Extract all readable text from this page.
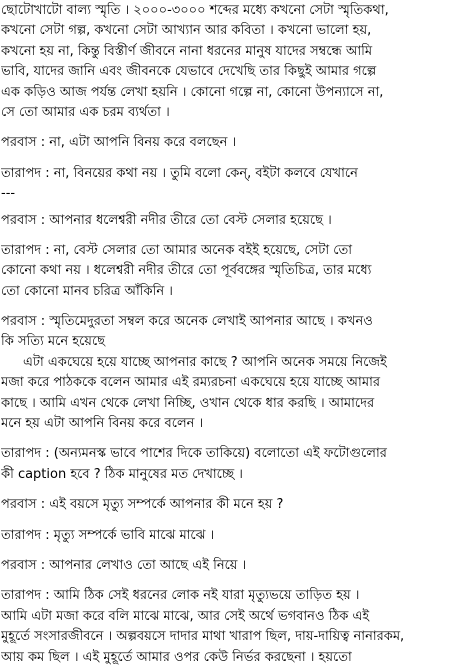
ছোটোখাটো বাল্য স্মৃতি । ২০০০-৩০০০ শব্দের মধ্যে কখনো সেটা স্মৃতিকথা,
কখনো সেটা গল্প, কখনো সেটা আখ্যান আর কবিতা । কখনো ভালো হয়,
কখনো হয় না, কিন্তু বিস্তীর্ণ জীবনে নানা ধরনের মানুষ যাদের সম্বন্ধে আমি
ভাবি, যাদের জানি এবং জীবনকে যেভাবে দেখেছি তার কিছুই আমার গল্পে
এক কড়িও আজ পর্যন্ত লেখা হয়নি । কোনো গল্পে না, কোনো উপন্যাসে না,
সে তো আমার এক চরম ব্যর্থতা ।
পরবাস : না, এটা আপনি বিনয় করে বলছেন ।
তারাপদ : না, বিনয়ের কথা নয় । তুমি বলো কেন্, বইটা কলবে যেখানে
---
পরবাস : আপনার ধলেশ্বরী নদীর তীরে তো বেস্ট সেলার হয়েছে ।
তারাপদ : না, বেস্ট সেলার তো আমার অনেক বইই হয়েছে, সেটা তো
কোনো কথা নয় । ধলেশ্বরী নদীর তীরে তো পূর্ববঙ্গের স্মৃতিচিত্র, তার মধ্যে
তো কোনো মানব চরিত্র আঁকিনি ।
পরবাস : স্মৃতিমেদুরতা সম্বল করে অনেক লেখাই আপনার আছে । কখনও
কি সত্যি মনে হয়েছে
এটা একঘেয়ে হয়ে যাচ্ছে আপনার কাছে ? আপনি অনেক সময়ে নিজেই
মজা করে পাঠককে বলেন আমার এই রম্যরচনা একঘেয়ে হয়ে যাচ্ছে আমার
কাছে । আমি এখন থেকে লেখা নিচ্ছি, ওখান থেকে ধার করছি । আমাদের
মনে হয় এটা আপনি বিনয় করে বলেন ।
তারাপদ : (অন্যমনস্ক ভাবে পাশের দিকে তাকিয়ে) বলোতো এই ফটোগুলোর
কী caption হবে ? ঠিক মানুষের মত দেখাচ্ছে ।
পরবাস : এই বয়সে মৃত্যু সম্পর্কে আপনার কী মনে হয় ?
তারাপদ : মৃত্যু সম্পর্কে ভাবি মাঝে মাঝে ।
পরবাস : আপনার লেখাও তো আছে এই নিয়ে ।
তারাপদ : আমি ঠিক সেই ধরনের লোক নই যারা মৃত্যুভয়ে তাড়িত হয় ।
আমি এটা মজা করে বলি মাঝে মাঝে, আর সেই অর্থে ভগবানও ঠিক এই
মুহূর্তে সংসারজীবনে । অল্পবয়সে দাদার মাথা খারাপ ছিল, দায়-দায়িত্ব নানারকম,
আয় কম ছিল । এই মুহূর্তে আমার ওপর কেউ নির্ভর করছেনা । হয়তো
